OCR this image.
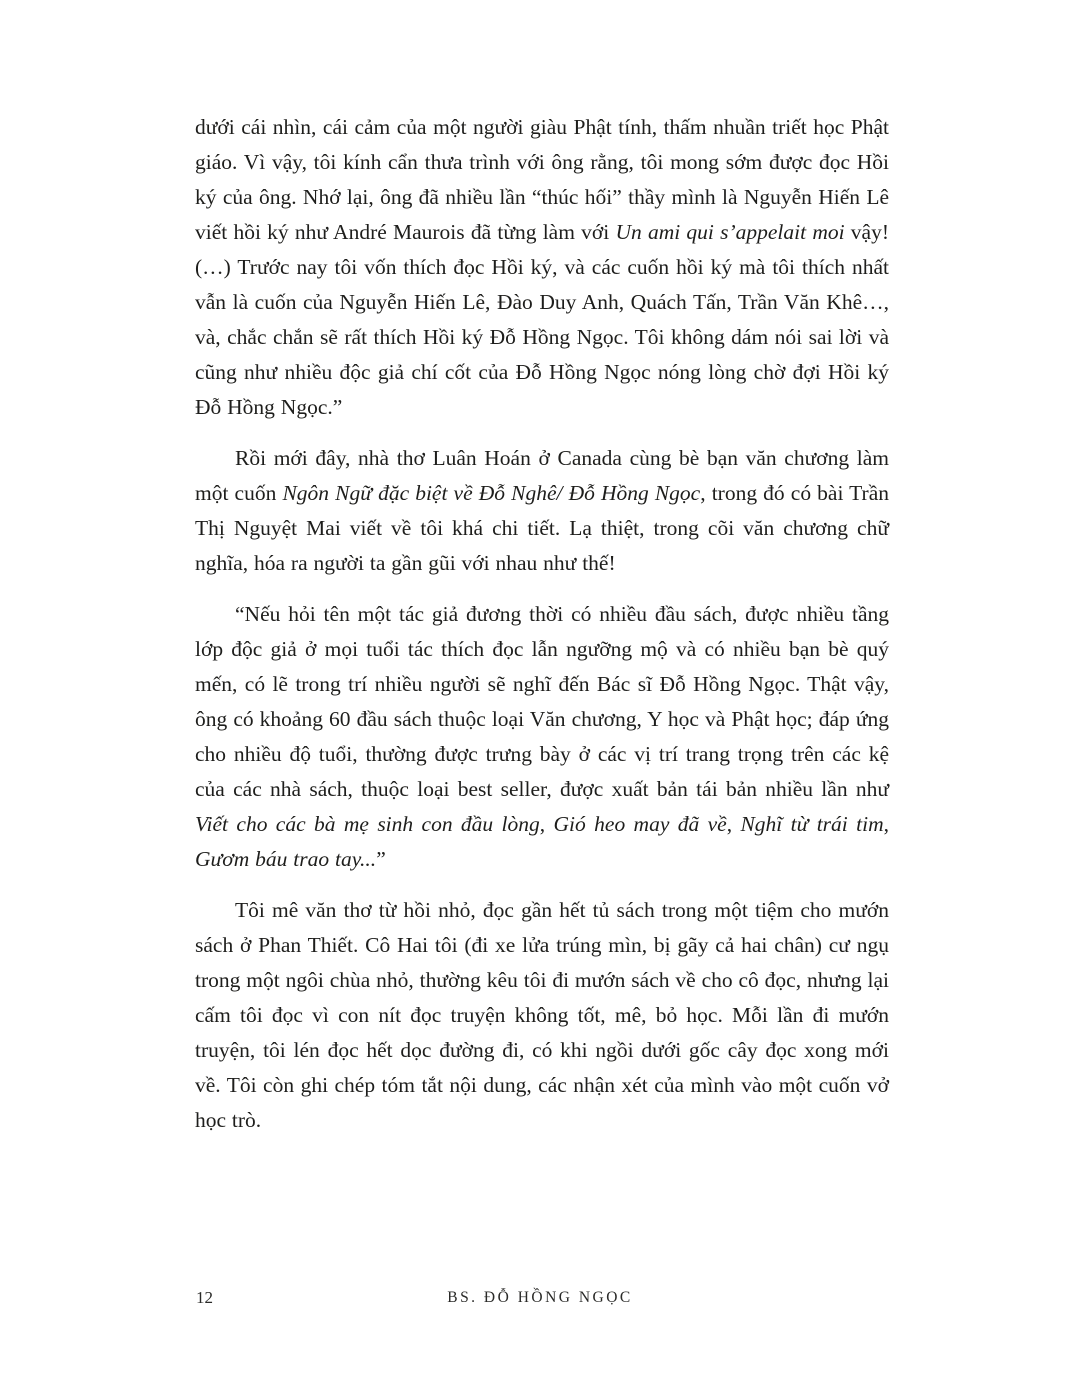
dưới cái nhìn, cái cảm của một người giàu Phật tính, thấm nhuần triết học Phật giáo. Vì vậy, tôi kính cẩn thưa trình với ông rằng, tôi mong sớm được đọc Hồi ký của ông. Nhớ lại, ông đã nhiều lần “thúc hối” thầy mình là Nguyễn Hiến Lê viết hồi ký như André Maurois đã từng làm với Un ami qui s’appelait moi vậy! (…) Trước nay tôi vốn thích đọc Hồi ký, và các cuốn hồi ký mà tôi thích nhất vẫn là cuốn của Nguyễn Hiến Lê, Đào Duy Anh, Quách Tấn, Trần Văn Khê…, và, chắc chắn sẽ rất thích Hồi ký Đỗ Hồng Ngọc. Tôi không dám nói sai lời và cũng như nhiều độc giả chí cốt của Đỗ Hồng Ngọc nóng lòng chờ đợi Hồi ký Đỗ Hồng Ngọc.”

Rồi mới đây, nhà thơ Luân Hoán ở Canada cùng bè bạn văn chương làm một cuốn Ngôn Ngữ đặc biệt về Đỗ Nghê/ Đỗ Hồng Ngọc, trong đó có bài Trần Thị Nguyệt Mai viết về tôi khá chi tiết. Lạ thiệt, trong cõi văn chương chữ nghĩa, hóa ra người ta gần gũi với nhau như thế!

“Nếu hỏi tên một tác giả đương thời có nhiều đầu sách, được nhiều tầng lớp độc giả ở mọi tuổi tác thích đọc lẫn ngưỡng mộ và có nhiều bạn bè quý mến, có lẽ trong trí nhiều người sẽ nghĩ đến Bác sĩ Đỗ Hồng Ngọc. Thật vậy, ông có khoảng 60 đầu sách thuộc loại Văn chương, Y học và Phật học; đáp ứng cho nhiều độ tuổi, thường được trưng bày ở các vị trí trang trọng trên các kệ của các nhà sách, thuộc loại best seller, được xuất bản tái bản nhiều lần như Viết cho các bà mẹ sinh con đầu lòng, Gió heo may đã về, Nghĩ từ trái tim, Gươm báu trao tay...”

Tôi mê văn thơ từ hồi nhỏ, đọc gần hết tủ sách trong một tiệm cho mướn sách ở Phan Thiết. Cô Hai tôi (đi xe lửa trúng mìn, bị gãy cả hai chân) cư ngụ trong một ngôi chùa nhỏ, thường kêu tôi đi mướn sách về cho cô đọc, nhưng lại cấm tôi đọc vì con nít đọc truyện không tốt, mê, bỏ học. Mỗi lần đi mướn truyện, tôi lén đọc hết dọc đường đi, có khi ngồi dưới gốc cây đọc xong mới về. Tôi còn ghi chép tóm tắt nội dung, các nhận xét của mình vào một cuốn vở học trò.

12	BS. ĐỖ HỒNG NGỌC
